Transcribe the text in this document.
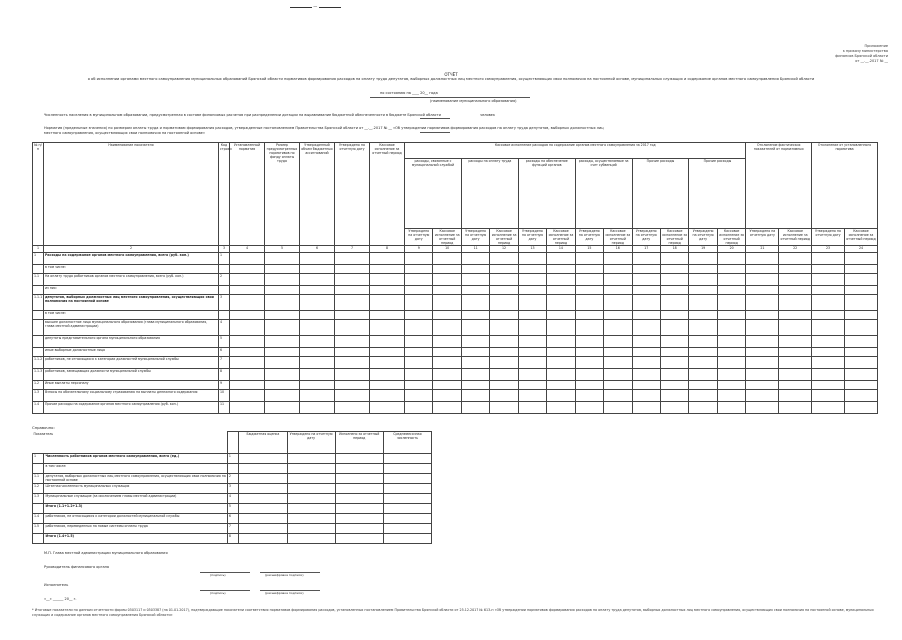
—
Приложение
к приказу министерства
финансов Брянской области
от __.__.2017 № __
ОТЧЁТ
о об исполнении органами местного самоуправления муниципальных образований Брянской области нормативов формирования расходов на оплату труда депутатов, выборных должностных лиц местного самоуправления, осуществляющих свои полномочия на постоянной основе, муниципальных служащих и содержание органов местного самоуправления Брянской области
по состоянию на ____ 20__ года
(наименование муниципального образования)
Численность населения в муниципальном образовании, предусмотренная в составе финансовых расчетов при распределении дотации на выравнивание бюджетной обеспеченности в бюджете Брянской области	человек
Норматив (предельные значения) по размерам оплаты труда и нормативам формирования расходов, утвержденные постановлением Правительства Брянской области от __.__.2017 № __ «Об утверждении нормативов формирования расходов на оплату труда депутатов, выборных должностных лиц местного самоуправления, осуществляющих свои полномочия на постоянной основе»
№ п/п	Наименование показателя	Код строки	Установленный норматив	Размер предусмотренных нормативов по фонду оплаты труда	Утвержденный объем бюджетных ассигнований	Утверждено на отчетную дату	Кассовое исполнение за отчетный период	Кассовое исполнение расходов на содержание органов местного самоуправления за 2017 год												Отклонение фактических показателей от нормативных		Отклонение от установленного норматива	
								расходы, связанные с муниципальной службой		расходы на оплату труда		расходы на обеспечение функций органов		расходы, осуществляемые за счет субвенций		Прочие расходы		Прочие расходы					
								Утверждено на отчетную дату	Кассовое исполнение за отчетный период	Утверждено на отчетную дату	Кассовое исполнение за отчетный период	Утверждено на отчетную дату	Кассовое исполнение за отчетный период	Утверждено на отчетную дату	Кассовое исполнение за отчетный период	Утверждено на отчетную дату	Кассовое исполнение за отчетный период	Утверждено на отчетную дату	Кассовое исполнение за отчетный период	Утверждено на отчетную дату	Кассовое исполнение за отчетный период	Утверждено на отчетную дату	Кассовое исполнение за отчетный период
1	2	3	4	5	6	7	8	9	10	11	12	13	14	15	16	17	18	19	20	21	22	23	24
1	Расходы на содержание органов местного самоуправления, всего (руб. коп.)	1																					
	в том числе:																						
1.1	На оплату труда работников органов местного самоуправления, всего (руб. коп.)	2																					
	из них:																						
1.1.1	депутатов, выборных должностных лиц местного самоуправления, осуществляющих свои полномочия на постоянной основе	3																					
	в том числе:																						
	высшее должностное лицо муниципального образования (глава муниципального образования, глава местной администрации)	4																					
	депутаты представительного органа муниципального образования	5																					
	иные выборные должностные лица	6																					
1.1.2	работников, не относящихся к категории должностей муниципальной службы	7																					
1.1.3	работников, замещающих должности муниципальной службы	8																					
1.2	Иные выплаты персоналу	9																					
1.3	Взносы по обязательному социальному страхованию на выплаты денежного содержания	10																					
1.4	Прочие расходы на содержание органов местного самоуправления (руб. коп.)	11																					
Справочно:
Показатель			Бюджетная оценка	Утверждено на отчетную дату	Исполнено за отчетный период	Среднемесячная численность
1	Численность работников органов местного самоуправления, всего (ед.)	1				
	в том числе:					
1.1	депутатов, выборных должностных лиц местного самоуправления, осуществляющих свои полномочия на постоянной основе	2				
1.2	Штатная численность муниципальных служащих	3				
1.3	Муниципальные служащие (за исключением главы местной администрации)	4				
	Итого (1.1+1.2+1.3)	5				
1.4	работников, не относящихся к категории должностей муниципальной службы	6				
1.5	работников, переведенных на новые системы оплаты труда	7				
	Итого (1.4+1.5)	8				
М.П. Глава местной администрации муниципального образования
Руководитель финансового органа
(подпись)	(расшифровка подписи)
Исполнитель
(подпись)	(расшифровка подписи)
«__» ______ 20__ г.
* Итоговые показатели по данным отчетности формы 0503117 и 0503387 (на 01.01.2017), подтверждающие показатели соответствия нормативов формирования расходов, установленных постановлением Правительства Брянской области от 25.12.2017 № 613-п «Об утверждении нормативов формирования расходов на оплату труда депутатов, выборных должностных лиц местного самоуправления, осуществляющих свои полномочия на постоянной основе, муниципальных служащих и содержание органов местного самоуправления Брянской области»
